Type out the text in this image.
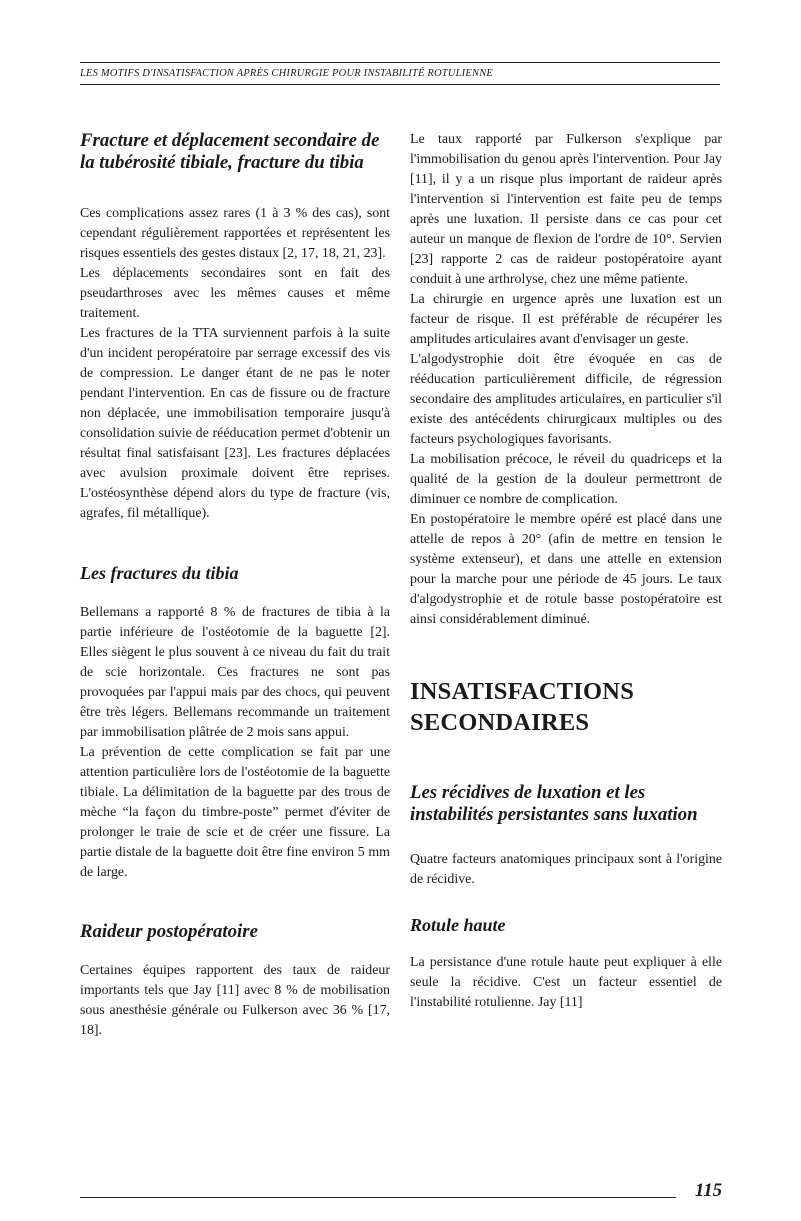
LES MOTIFS D'INSATISFACTION APRÈS CHIRURGIE POUR INSTABILITÉ ROTULIENNE
Fracture et déplacement secondaire de la tubérosité tibiale, fracture du tibia

Ces complications assez rares (1 à 3 % des cas), sont cependant régulièrement rapportées et représentent les risques essentiels des gestes distaux [2, 17, 18, 21, 23].

Les déplacements secondaires sont en fait des pseudarthroses avec les mêmes causes et même traitement.

Les fractures de la TTA surviennent parfois à la suite d'un incident peropératoire par serrage excessif des vis de compression. Le danger étant de ne pas le noter pendant l'intervention. En cas de fissure ou de fracture non déplacée, une immobilisation temporaire jusqu'à consolidation suivie de rééducation permet d'obtenir un résultat final satisfaisant [23]. Les fractures déplacées avec avulsion proximale doivent être reprises. L'ostéosynthèse dépend alors du type de fracture (vis, agrafes, fil métallique).

Les fractures du tibia

Bellemans a rapporté 8 % de fractures de tibia à la partie inférieure de l'ostéotomie de la baguette [2]. Elles siègent le plus souvent à ce niveau du fait du trait de scie horizontale. Ces fractures ne sont pas provoquées par l'appui mais par des chocs, qui peuvent être très légers. Bellemans recommande un traitement par immobilisation plâtrée de 2 mois sans appui.

La prévention de cette complication se fait par une attention particulière lors de l'ostéotomie de la baguette tibiale. La délimitation de la baguette par des trous de mèche “la façon du timbre-poste” permet d'éviter de prolonger le traie de scie et de créer une fissure. La partie distale de la baguette doit être fine environ 5 mm de large.

Raideur postopératoire

Certaines équipes rapportent des taux de raideur importants tels que Jay [11] avec 8 % de mobilisation sous anesthésie générale ou Fulkerson avec 36 % [17, 18].

Le taux rapporté par Fulkerson s'explique par l'immobilisation du genou après l'intervention. Pour Jay [11], il y a un risque plus important de raideur après l'intervention si l'intervention est faite peu de temps après une luxation. Il persiste dans ce cas pour cet auteur un manque de flexion de l'ordre de 10°. Servien [23] rapporte 2 cas de raideur postopératoire ayant conduit à une arthrolyse, chez une même patiente.

La chirurgie en urgence après une luxation est un facteur de risque. Il est préférable de récupérer les amplitudes articulaires avant d'envisager un geste.

L'algodystrophie doit être évoquée en cas de rééducation particulièrement difficile, de régression secondaire des amplitudes articulaires, en particulier s'il existe des antécédents chirurgicaux multiples ou des facteurs psychologiques favorisants.

La mobilisation précoce, le réveil du quadriceps et la qualité de la gestion de la douleur permettront de diminuer ce nombre de complication.

En postopératoire le membre opéré est placé dans une attelle de repos à 20° (afin de mettre en tension le système extenseur), et dans une attelle en extension pour la marche pour une période de 45 jours. Le taux d'algodystrophie et de rotule basse postopératoire est ainsi considérablement diminué.

INSATISFACTIONS SECONDAIRES
Les récidives de luxation et les instabilités persistantes sans luxation

Quatre facteurs anatomiques principaux sont à l'origine de récidive.

Rotule haute

La persistance d'une rotule haute peut expliquer à elle seule la récidive. C'est un facteur essentiel de l'instabilité rotulienne. Jay [11]

115
